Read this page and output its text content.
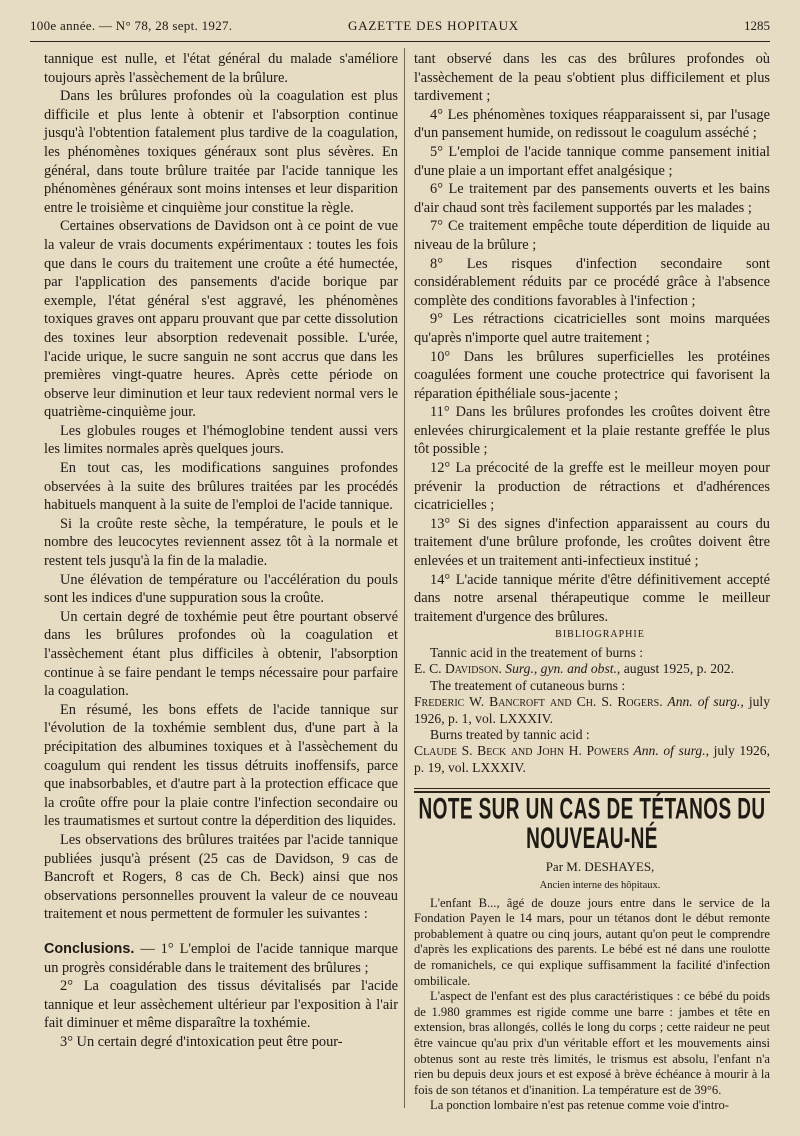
100e année. — N° 78, 28 sept. 1927.	GAZETTE DES HOPITAUX	1285

tannique est nulle, et l'état général du malade s'améliore toujours après l'assèchement de la brûlure.

Dans les brûlures profondes où la coagulation est plus difficile et plus lente à obtenir et l'absorption continue jusqu'à l'obtention fatalement plus tardive de la coagulation, les phénomènes toxiques généraux sont plus sévères. En général, dans toute brûlure traitée par l'acide tannique les phénomènes généraux sont moins intenses et leur disparition entre le troisième et cinquième jour constitue la règle.

Certaines observations de Davidson ont à ce point de vue la valeur de vrais documents expérimentaux : toutes les fois que dans le cours du traitement une croûte a été humectée, par l'application des pansements d'acide borique par exemple, l'état général s'est aggravé, les phénomènes toxiques graves ont apparu prouvant que par cette dissolution des toxines leur absorption redevenait possible. L'urée, l'acide urique, le sucre sanguin ne sont accrus que dans les premières vingt-quatre heures. Après cette période on observe leur diminution et leur taux redevient normal vers le quatrième-cinquième jour.

Les globules rouges et l'hémoglobine tendent aussi vers les limites normales après quelques jours.

En tout cas, les modifications sanguines profondes observées à la suite des brûlures traitées par les procédés habituels manquent à la suite de l'emploi de l'acide tannique.

Si la croûte reste sèche, la température, le pouls et le nombre des leucocytes reviennent assez tôt à la normale et restent tels jusqu'à la fin de la maladie.

Une élévation de température ou l'accélération du pouls sont les indices d'une suppuration sous la croûte.

Un certain degré de toxhémie peut être pourtant observé dans les brûlures profondes où la coagulation et l'assèchement étant plus difficiles à obtenir, l'absorption continue à se faire pendant le temps nécessaire pour parfaire la coagulation.

En résumé, les bons effets de l'acide tannique sur l'évolution de la toxhémie semblent dus, d'une part à la précipitation des albumines toxiques et à l'assèchement du coagulum qui rendent les tissus détruits inoffensifs, parce que inabsorbables, et d'autre part à la protection efficace que la croûte offre pour la plaie contre l'infection secondaire ou les traumatismes et surtout contre la déperdition des liquides.

Les observations des brûlures traitées par l'acide tannique publiées jusqu'à présent (25 cas de Davidson, 9 cas de Bancroft et Rogers, 8 cas de Ch. Beck) ainsi que nos observations personnelles prouvent la valeur de ce nouveau traitement et nous permettent de formuler les suivantes :

Conclusions. — 1° L'emploi de l'acide tannique marque un progrès considérable dans le traitement des brûlures ;

2° La coagulation des tissus dévitalisés par l'acide tannique et leur assèchement ultérieur par l'exposition à l'air fait diminuer et même disparaître la toxhémie.

3° Un certain degré d'intoxication peut être pour-

tant observé dans les cas des brûlures profondes où l'assèchement de la peau s'obtient plus difficilement et plus tardivement ;

4° Les phénomènes toxiques réapparaissent si, par l'usage d'un pansement humide, on redissout le coagulum asséché ;

5° L'emploi de l'acide tannique comme pansement initial d'une plaie a un important effet analgésique ;

6° Le traitement par des pansements ouverts et les bains d'air chaud sont très facilement supportés par les malades ;

7° Ce traitement empêche toute déperdition de liquide au niveau de la brûlure ;

8° Les risques d'infection secondaire sont considérablement réduits par ce procédé grâce à l'absence complète des conditions favorables à l'infection ;

9° Les rétractions cicatricielles sont moins marquées qu'après n'importe quel autre traitement ;

10° Dans les brûlures superficielles les protéines coagulées forment une couche protectrice qui favorisent la réparation épithéliale sous-jacente ;

11° Dans les brûlures profondes les croûtes doivent être enlevées chirurgicalement et la plaie restante greffée le plus tôt possible ;

12° La précocité de la greffe est le meilleur moyen pour prévenir la production de rétractions et d'adhérences cicatricielles ;

13° Si des signes d'infection apparaissent au cours du traitement d'une brûlure profonde, les croûtes doivent être enlevées et un traitement anti-infectieux institué ;

14° L'acide tannique mérite d'être définitivement accepté dans notre arsenal thérapeutique comme le meilleur traitement d'urgence des brûlures.

BIBLIOGRAPHIE

Tannic acid in the treatement of burns :

E. C. Davidson. Surg., gyn. and obst., august 1925, p. 202.

The treatement of cutaneous burns :

Frederic W. Bancroft and Ch. S. Rogers. Ann. of surg., july 1926, p. 1, vol. LXXXIV.

Burns treated by tannic acid :

Claude S. Beck and John H. Powers Ann. of surg., july 1926, p. 19, vol. LXXXIV.

NOTE SUR UN CAS DE TÉTANOS DU NOUVEAU-NÉ

Par M. DESHAYES,

Ancien interne des hôpitaux.

L'enfant B..., âgé de douze jours entre dans le service de la Fondation Payen le 14 mars, pour un tétanos dont le début remonte probablement à quatre ou cinq jours, autant qu'on peut le comprendre d'après les explications des parents. Le bébé est né dans une roulotte de romanichels, ce qui explique suffisamment la facilité d'infection ombilicale.

L'aspect de l'enfant est des plus caractéristiques : ce bébé du poids de 1.980 grammes est rigide comme une barre : jambes et tête en extension, bras allongés, collés le long du corps ; cette raideur ne peut être vaincue qu'au prix d'un véritable effort et les mouvements ainsi obtenus sont au reste très limités, le trismus est absolu, l'enfant n'a rien bu depuis deux jours et est exposé à brève échéance à mourir à la fois de son tétanos et d'inanition. La température est de 39°6.

La ponction lombaire n'est pas retenue comme voie d'intro-
